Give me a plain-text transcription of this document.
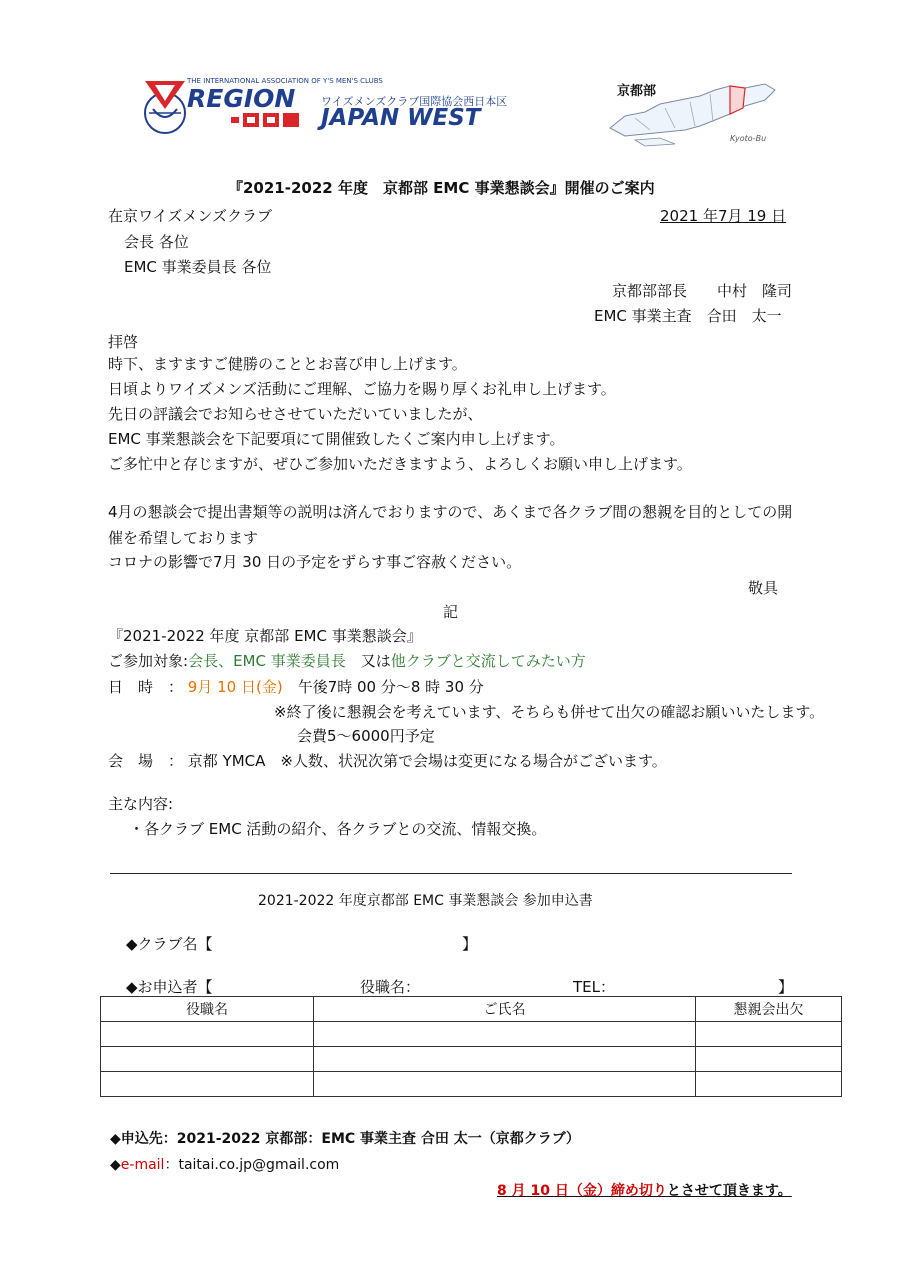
THE INTERNATIONAL ASSOCIATION OF Y'S MEN'S CLUBS
REGION ワイズメンズクラブ国際協会西日本区
JAPAN WEST
京都部
Kyoto-Bu
『2021-2022 年度　京都部 EMC 事業懇談会』開催のご案内
在京ワイズメンズクラブ
会長 各位
EMC 事業委員長 各位
2021 年7月 19 日
京都部部長　　中村　隆司
EMC 事業主査　合田　太一
拝啓
時下、ますますご健勝のこととお喜び申し上げます。
日頃よりワイズメンズ活動にご理解、ご協力を賜り厚くお礼申し上げます。
先日の評議会でお知らせさせていただいていましたが、
EMC 事業懇談会を下記要項にて開催致したくご案内申し上げます。
ご多忙中と存じますが、ぜひご参加いただきますよう、よろしくお願い申し上げます。
4月の懇談会で提出書類等の説明は済んでおりますので、あくまで各クラブ間の懇親を目的としての開催を希望しております
コロナの影響で7月 30 日の予定をずらす事ご容赦ください。
敬具
記
『2021-2022 年度 京都部 EMC 事業懇談会』
ご参加対象:会長、EMC 事業委員長　 又は他クラブと交流してみたい方
日　時　： 9月 10 日(金)　 午後7時 00 分～8 時 30 分
※終了後に懇親会を考えています、そちらも併せて出欠の確認お願いいたします。
会費5～6000円予定
会　場　： 京都 YMCA　※人数、状況次第で会場は変更になる場合がございます。
主な内容:
・各クラブ EMC 活動の紹介、各クラブとの交流、情報交換。
2021-2022 年度京都部 EMC 事業懇談会 参加申込書
◆クラブ名【	】
◆お申込者【	役職名：	TEL：	】
役職名	ご氏名	懇親会出欠

◆申込先：2021-2022 京都部：EMC 事業主査 合田 太一（京都クラブ）
◆e-mail：taitai.co.jp@gmail.com
8 月 10 日（金）締め切りとさせて頂きます。
